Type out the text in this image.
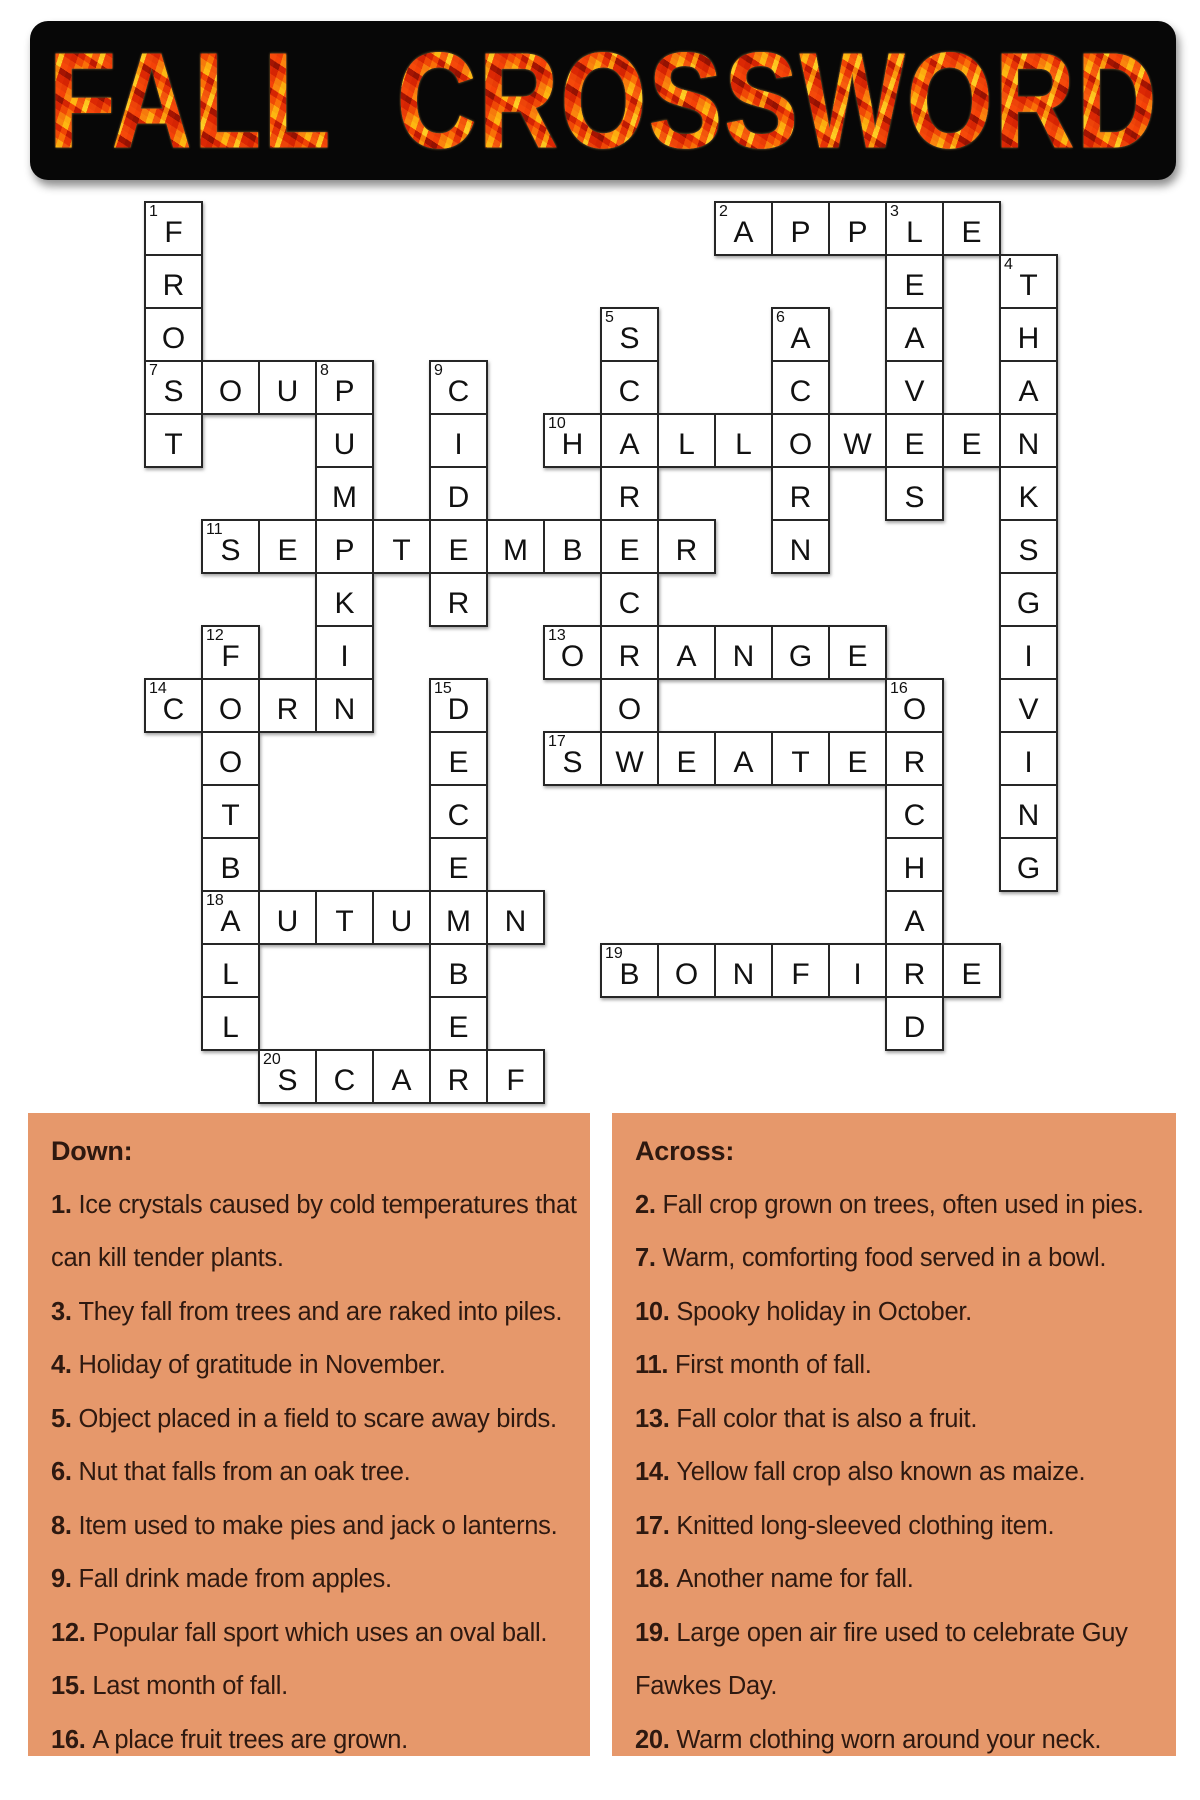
FALL CROSSWORD
F
1
A
2
P	P	L
3
E
R	E	T
4
O	S
5
A
6
A	H
S
7
O	U	P
8
C
9
C	C	V	A
T	U	I	H
10
A	L	L	O	W	E	E	N
M	D	R	R	S	K
S
11
E	P	T	E	M	B	E	R	N	S
K	R	C	G
F
12
I	O
13
R	A	N	G	E	I
C
14
O	R	N	D
15
O	O
16
V
O	E	S
17
W	E	A	T	E	R	I
T	C	C	N
B	E	H	G
A
18
U	T	U	M	N	A
L	B	B
19
O	N	F	I	R	E
L	E	D
S
20
C	A	R	F
Down:
1. Ice crystals caused by cold temperatures that
can kill tender plants.
3. They fall from trees and are raked into piles.
4. Holiday of gratitude in November.
5. Object placed in a field to scare away birds.
6. Nut that falls from an oak tree.
8. Item used to make pies and jack o lanterns.
9. Fall drink made from apples.
12. Popular fall sport which uses an oval ball.
15. Last month of fall.
16. A place fruit trees are grown.
Across:
2. Fall crop grown on trees, often used in pies.
7. Warm, comforting food served in a bowl.
10. Spooky holiday in October.
11. First month of fall.
13. Fall color that is also a fruit.
14. Yellow fall crop also known as maize.
17. Knitted long-sleeved clothing item.
18. Another name for fall.
19. Large open air fire used to celebrate Guy
Fawkes Day.
20. Warm clothing worn around your neck.
